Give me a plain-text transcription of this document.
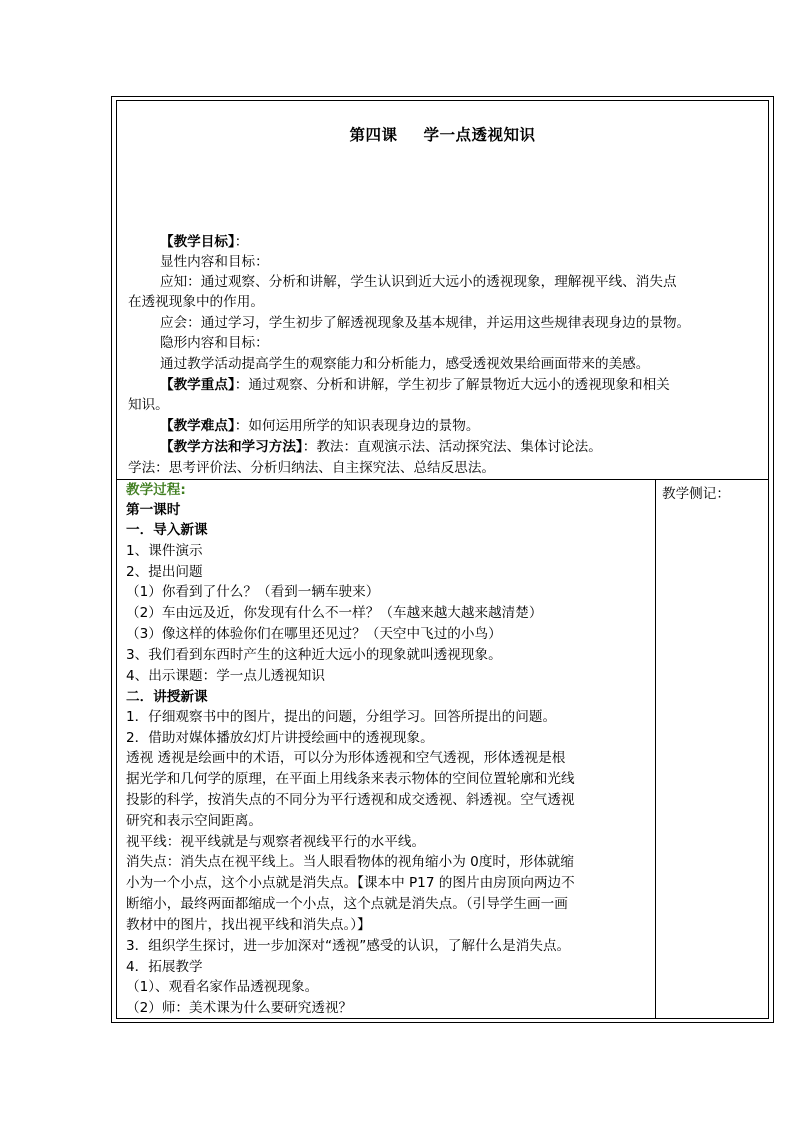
第四课 学一点透视知识
【教学目标】：
显性内容和目标：
应知：通过观察、分析和讲解，学生认识到近大远小的透视现象，理解视平线、消失点
在透视现象中的作用。
应会：通过学习，学生初步了解透视现象及基本规律，并运用这些规律表现身边的景物。
隐形内容和目标：
通过教学活动提高学生的观察能力和分析能力，感受透视效果给画面带来的美感。
【教学重点】：通过观察、分析和讲解，学生初步了解景物近大远小的透视现象和相关
知识。
【教学难点】：如何运用所学的知识表现身边的景物。
【教学方法和学习方法】：教法：直观演示法、活动探究法、集体讨论法。
学法：思考评价法、分析归纳法、自主探究法、总结反思法。
教学过程:
第一课时
一．导入新课
1、课件演示
2、提出问题
（1）你看到了什么？（看到一辆车驶来）
（2）车由远及近，你发现有什么不一样？（车越来越大越来越清楚）
（3）像这样的体验你们在哪里还见过？（天空中飞过的小鸟）
3、我们看到东西时产生的这种近大远小的现象就叫透视现象。
4、出示课题：学一点儿透视知识
二．讲授新课
1．仔细观察书中的图片，提出的问题，分组学习。回答所提出的问题。
2．借助对媒体播放幻灯片讲授绘画中的透视现象。
透视 透视是绘画中的术语，可以分为形体透视和空气透视，形体透视是根
据光学和几何学的原理，在平面上用线条来表示物体的空间位置轮廓和光线
投影的科学，按消失点的不同分为平行透视和成交透视、斜透视。空气透视
研究和表示空间距离。
视平线：视平线就是与观察者视线平行的水平线。
消失点：消失点在视平线上。当人眼看物体的视角缩小为 0度时，形体就缩
小为一个小点，这个小点就是消失点。【课本中 P17 的图片由房顶向两边不
断缩小，最终两面都缩成一个小点，这个点就是消失点。（引导学生画一画
教材中的图片，找出视平线和消失点。）】
3．组织学生探讨，进一步加深对“透视”感受的认识，了解什么是消失点。
4．拓展教学
（1）、观看名家作品透视现象。
（2）师：美术课为什么要研究透视？
教学侧记：
